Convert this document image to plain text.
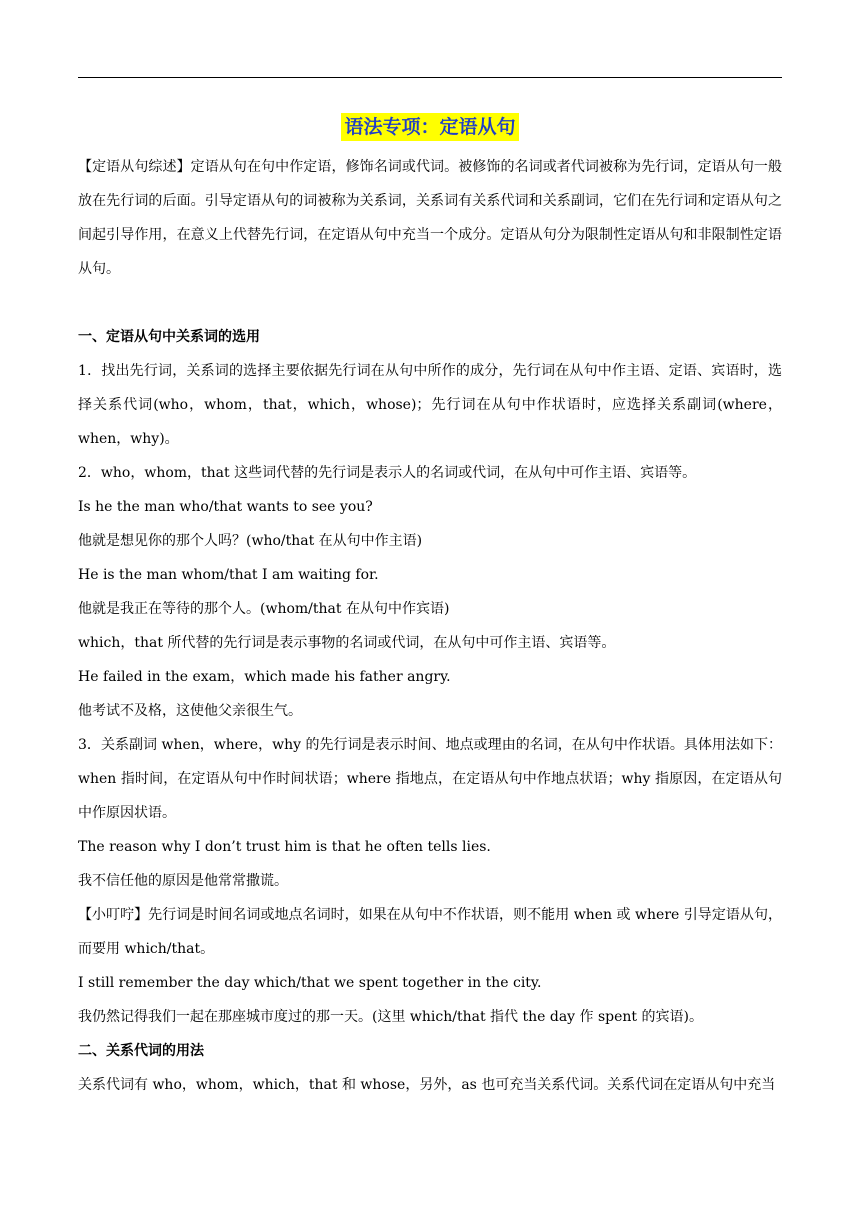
语法专项：定语从句

【定语从句综述】定语从句在句中作定语，修饰名词或代词。被修饰的名词或者代词被称为先行词，定语从句一般放在先行词的后面。引导定语从句的词被称为关系词，关系词有关系代词和关系副词，它们在先行词和定语从句之间起引导作用，在意义上代替先行词，在定语从句中充当一个成分。定语从句分为限制性定语从句和非限制性定语从句。

一、定语从句中关系词的选用

1．找出先行词，关系词的选择主要依据先行词在从句中所作的成分，先行词在从句中作主语、定语、宾语时，选择关系代词(who，whom，that，which，whose)；先行词在从句中作状语时，应选择关系副词(where，when，why)。

2．who，whom，that 这些词代替的先行词是表示人的名词或代词，在从句中可作主语、宾语等。

Is he the man who/that wants to see you?

他就是想见你的那个人吗？(who/that 在从句中作主语)

He is the man whom/that I am waiting for.

他就是我正在等待的那个人。(whom/that 在从句中作宾语)

which，that 所代替的先行词是表示事物的名词或代词，在从句中可作主语、宾语等。

He failed in the exam，which made his father angry.

他考试不及格，这使他父亲很生气。

3．关系副词 when，where，why 的先行词是表示时间、地点或理由的名词，在从句中作状语。具体用法如下：when 指时间，在定语从句中作时间状语；where 指地点，在定语从句中作地点状语；why 指原因，在定语从句中作原因状语。

The reason why I don’t trust him is that he often tells lies.

我不信任他的原因是他常常撒谎。

【小叮咛】先行词是时间名词或地点名词时，如果在从句中不作状语，则不能用 when 或 where 引导定语从句，而要用 which/that。

I still remember the day which/that we spent together in the city.

我仍然记得我们一起在那座城市度过的那一天。(这里 which/that 指代 the day 作 spent 的宾语)。

二、关系代词的用法

关系代词有 who，whom，which，that 和 whose，另外，as 也可充当关系代词。关系代词在定语从句中充当
